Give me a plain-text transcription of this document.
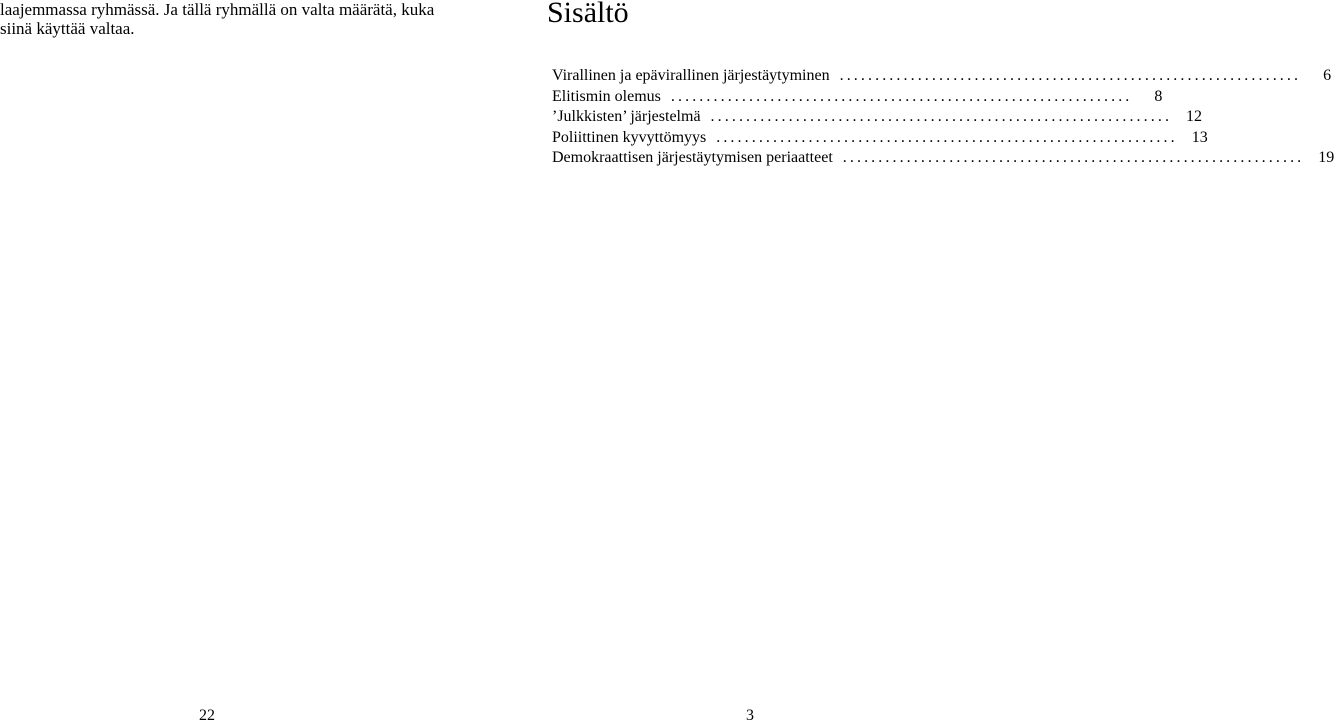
laajemmassa ryhmässä. Ja tällä ryhmällä on valta määrätä, kuka
siinä käyttää valtaa.	Sisältö
Virallinen ja epävirallinen järjestäytyminen .................................................................	6
Elitismin olemus .................................................................	8
’Julkkisten’ järjestelmä ................................................................. 12
Poliittinen kyvyttömyys ................................................................. 13
Demokraattisen järjestäytymisen periaatteet ................................................................. 19
22	3
